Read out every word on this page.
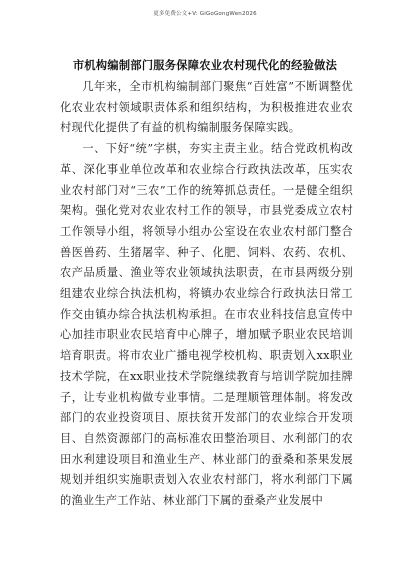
更多免费公文+V: GiGoGongWen2026
市机构编制部门服务保障农业农村现代化的经验做法

几年来，全市机构编制部门聚焦“百姓富”不断调整优化农业农村领域职责体系和组织结构，为积极推进农业农村现代化提供了有益的机构编制服务保障实践。

一、下好“统”字棋，夯实主责主业。结合党政机构改革、深化事业单位改革和农业综合行政执法改革，压实农业农村部门对“三农”工作的统筹抓总责任。一是健全组织架构。强化党对农业农村工作的领导，市县党委成立农村工作领导小组，将领导小组办公室设在农业农村部门整合兽医兽药、生猪屠宰、种子、化肥、饲料、农药、农机、农产品质量、渔业等农业领域执法职责，在市县两级分别组建农业综合执法机构，将镇办农业综合行政执法日常工作交由镇办综合执法机构承担。在市农业科技信息宣传中心加挂市职业农民培育中心牌子，增加赋予职业农民培训培育职责。将市农业广播电视学校机构、职责划入xx职业技术学院，在xx职业技术学院继续教育与培训学院加挂牌子，让专业机构做专业事情。二是理顺管理体制。将发改部门的农业投资项目、原扶贫开发部门的农业综合开发项目、自然资源部门的高标准农田整治项目、水利部门的农田水利建设项目和渔业生产、林业部门的蚕桑和茶果发展规划并组织实施职责划入农业农村部门，将水利部门下属的渔业生产工作站、林业部门下属的蚕桑产业发展中
